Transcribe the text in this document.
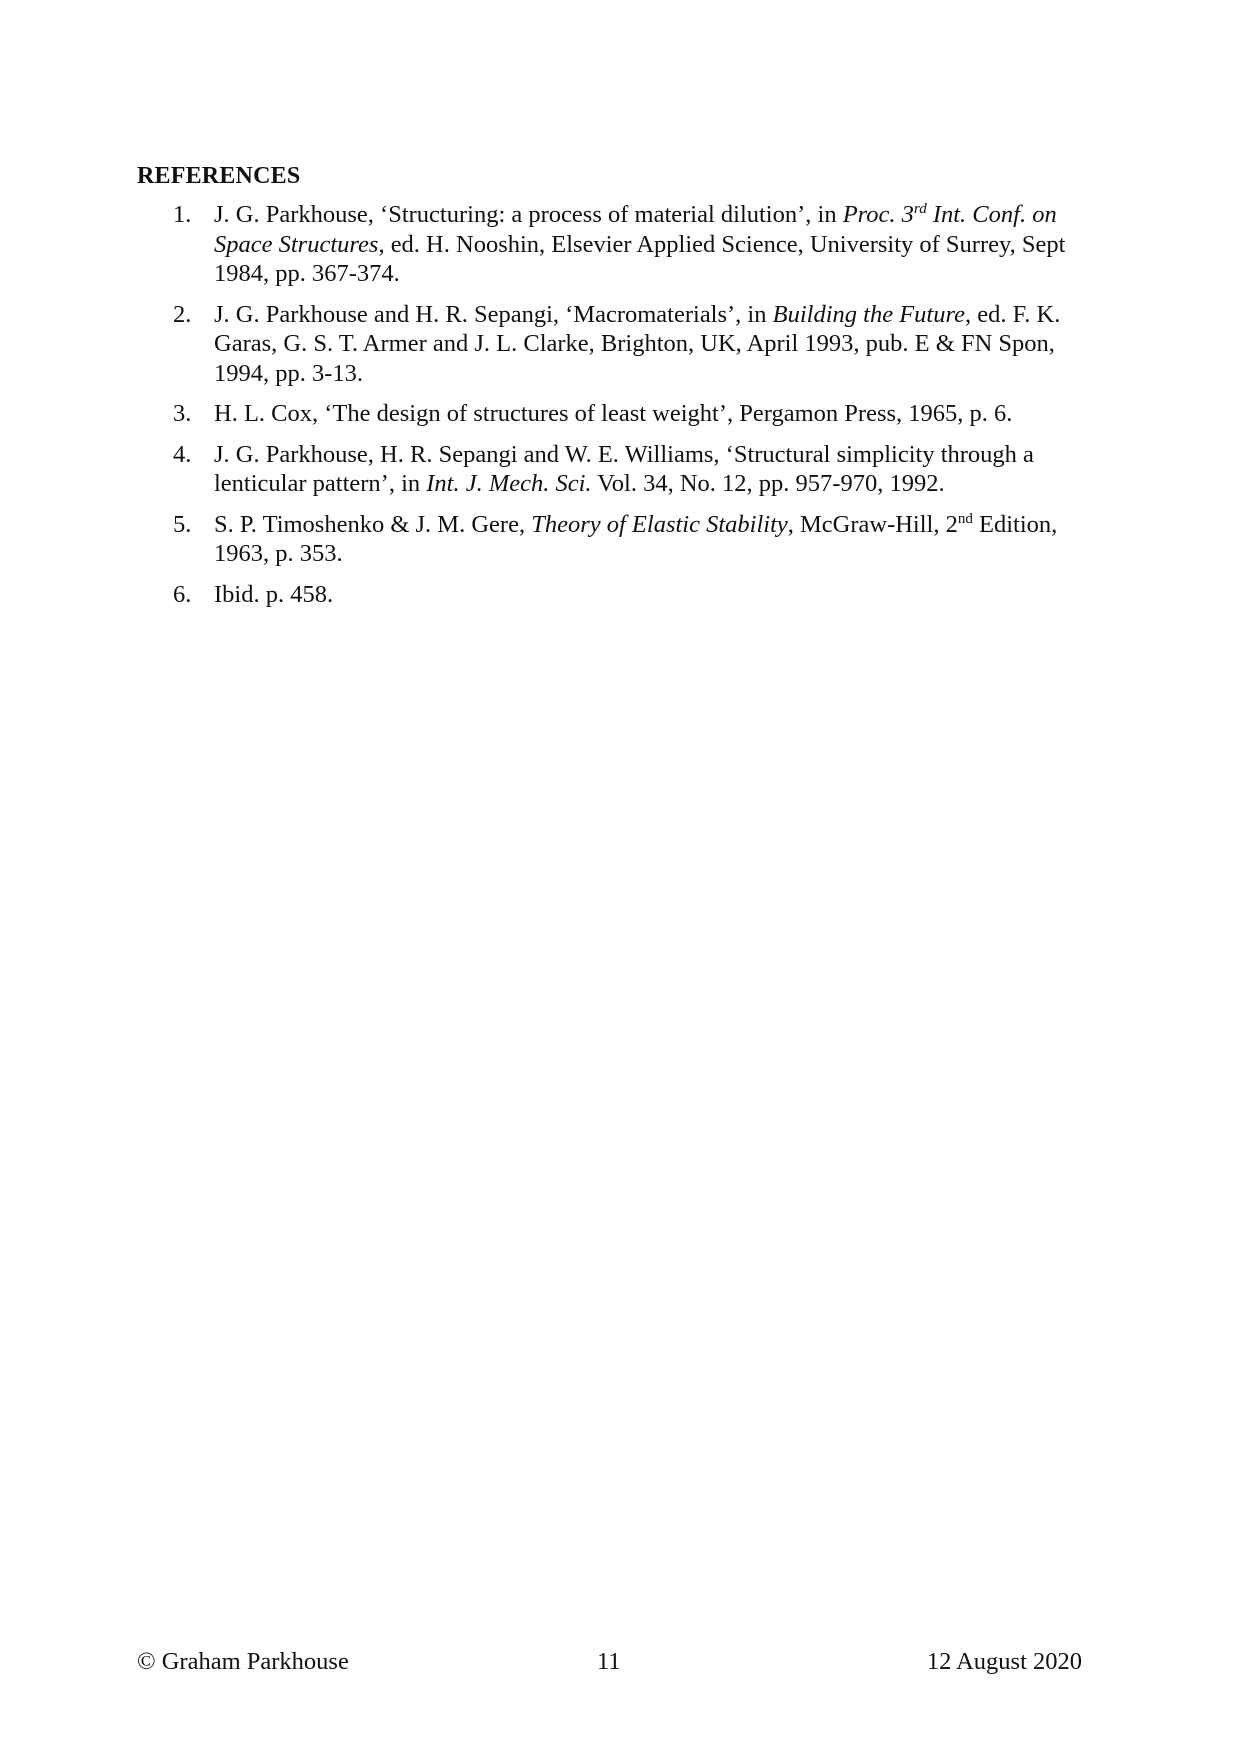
REFERENCES
1. J. G. Parkhouse, ‘Structuring: a process of material dilution’, in Proc. 3rd Int. Conf. on Space Structures, ed. H. Nooshin, Elsevier Applied Science, University of Surrey, Sept 1984, pp. 367-374.
2. J. G. Parkhouse and H. R. Sepangi, ‘Macromaterials’, in Building the Future, ed. F. K. Garas, G. S. T. Armer and J. L. Clarke, Brighton, UK, April 1993, pub. E & FN Spon, 1994, pp. 3-13.
3. H. L. Cox, ‘The design of structures of least weight’, Pergamon Press, 1965, p. 6.
4. J. G. Parkhouse, H. R. Sepangi and W. E. Williams, ‘Structural simplicity through a lenticular pattern’, in Int. J. Mech. Sci. Vol. 34, No. 12, pp. 957-970, 1992.
5. S. P. Timoshenko & J. M. Gere, Theory of Elastic Stability, McGraw-Hill, 2nd Edition, 1963, p. 353.
6. Ibid. p. 458.
© Graham Parkhouse	11	12 August 2020
